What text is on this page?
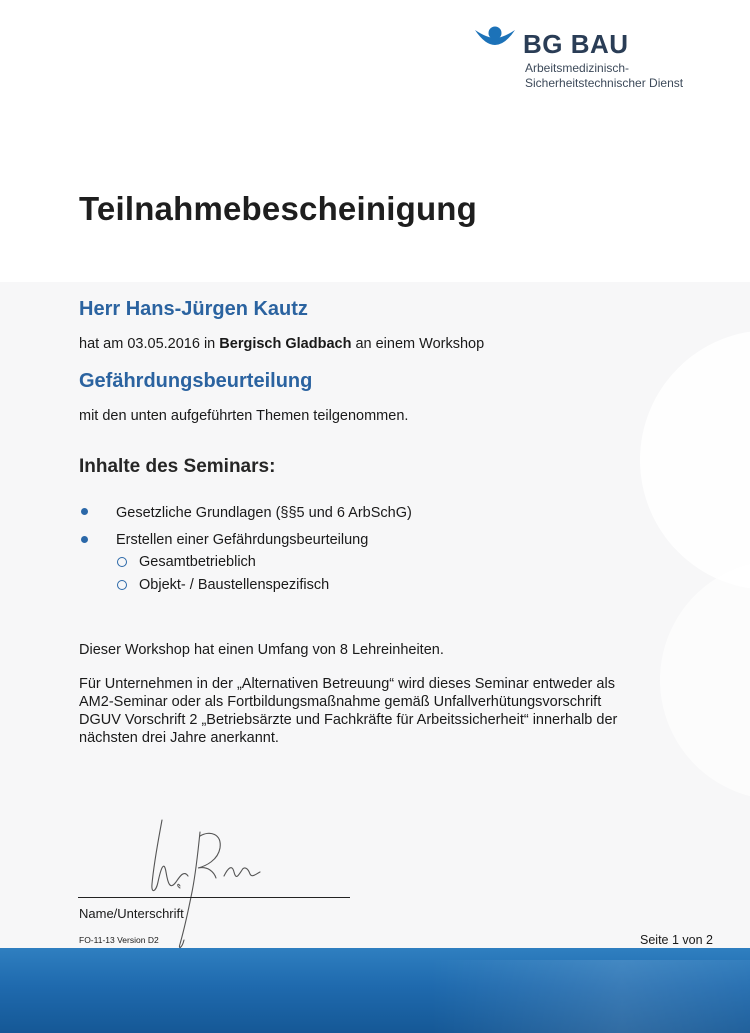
BG BAU
Arbeitsmedizinisch-
Sicherheitstechnischer Dienst
Teilnahmebescheinigung
Herr Hans-Jürgen Kautz
hat am 03.05.2016 in Bergisch Gladbach an einem Workshop
Gefährdungsbeurteilung
mit den unten aufgeführten Themen teilgenommen.
Inhalte des Seminars:
Gesetzliche Grundlagen (§§5 und 6 ArbSchG)
Erstellen einer Gefährdungsbeurteilung
Gesamtbetrieblich
Objekt- / Baustellenspezifisch
Dieser Workshop hat einen Umfang von 8 Lehreinheiten.
Für Unternehmen in der „Alternativen Betreuung“ wird dieses Seminar entweder als
AM2-Seminar oder als Fortbildungsmaßnahme gemäß Unfallverhütungsvorschrift
DGUV Vorschrift 2 „Betriebsärzte und Fachkräfte für Arbeitssicherheit“ innerhalb der
nächsten drei Jahre anerkannt.
Name/Unterschrift
FO-11-13 Version D2	Seite 1 von 2
